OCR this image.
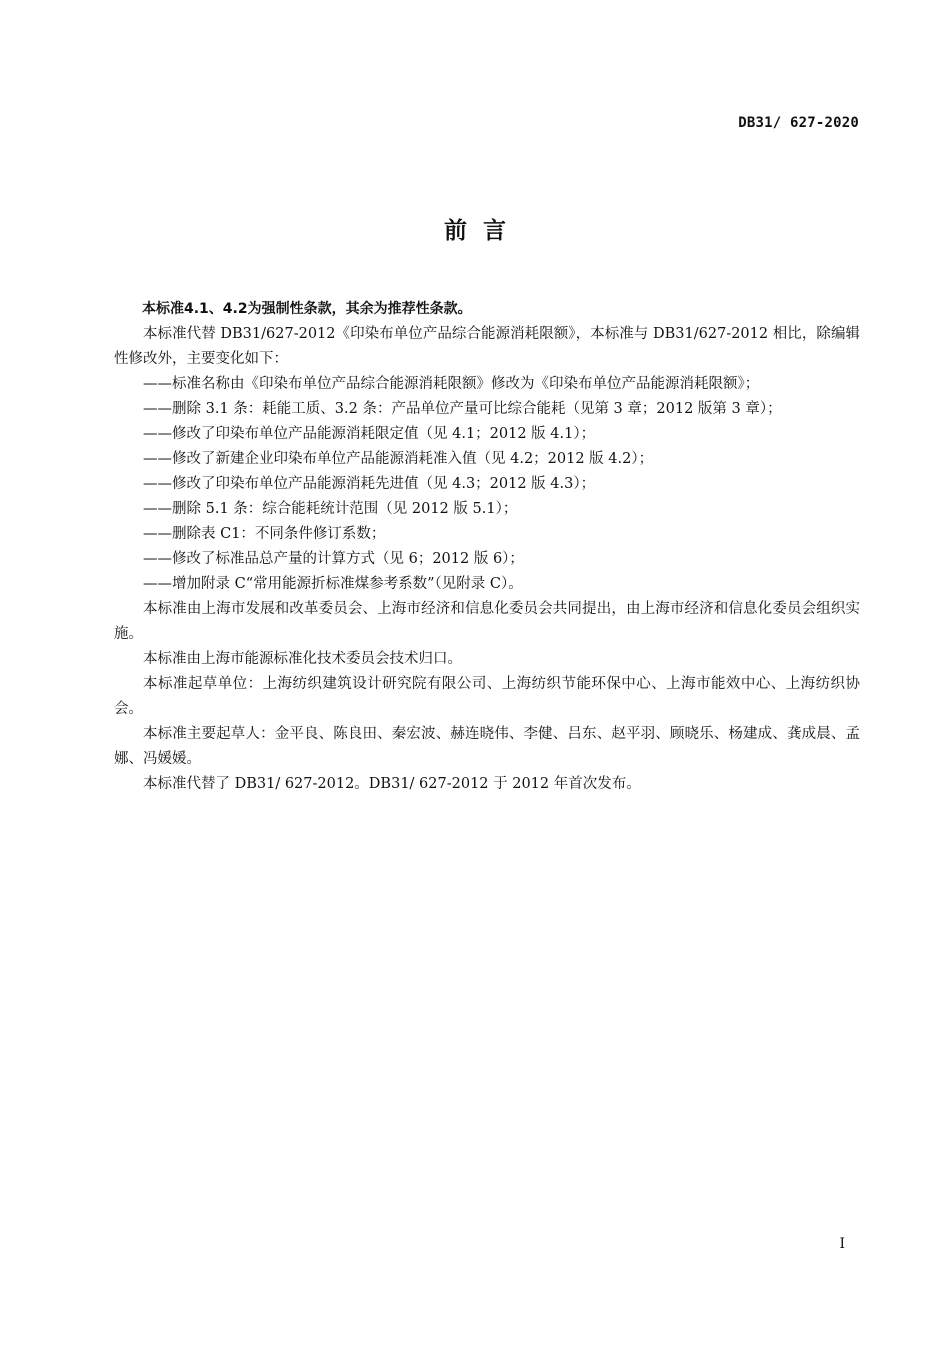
DB31/ 627-2020
前言

本标准4.1、4.2为强制性条款，其余为推荐性条款。

本标准代替 DB31/627-2012《印染布单位产品综合能源消耗限额》，本标准与 DB31/627-2012 相比，除编辑性修改外，主要变化如下：

——标准名称由《印染布单位产品综合能源消耗限额》修改为《印染布单位产品能源消耗限额》；

——删除 3.1 条：耗能工质、3.2 条：产品单位产量可比综合能耗（见第 3 章；2012 版第 3 章）；

——修改了印染布单位产品能源消耗限定值（见 4.1；2012 版 4.1）；

——修改了新建企业印染布单位产品能源消耗准入值（见 4.2；2012 版 4.2）；

——修改了印染布单位产品能源消耗先进值（见 4.3；2012 版 4.3）；

——删除 5.1 条：综合能耗统计范围（见 2012 版 5.1）；

——删除表 C1：不同条件修订系数；

——修改了标准品总产量的计算方式（见 6；2012 版 6）；

——增加附录 C“常用能源折标准煤参考系数”（见附录 C）。

本标准由上海市发展和改革委员会、上海市经济和信息化委员会共同提出，由上海市经济和信息化委员会组织实施。

本标准由上海市能源标准化技术委员会技术归口。

本标准起草单位：上海纺织建筑设计研究院有限公司、上海纺织节能环保中心、上海市能效中心、上海纺织协会。

本标准主要起草人：金平良、陈良田、秦宏波、赫连晓伟、李健、吕东、赵平羽、顾晓乐、杨建成、龚成晨、孟娜、冯媛媛。

本标准代替了 DB31/ 627-2012。DB31/ 627-2012 于 2012 年首次发布。

I
